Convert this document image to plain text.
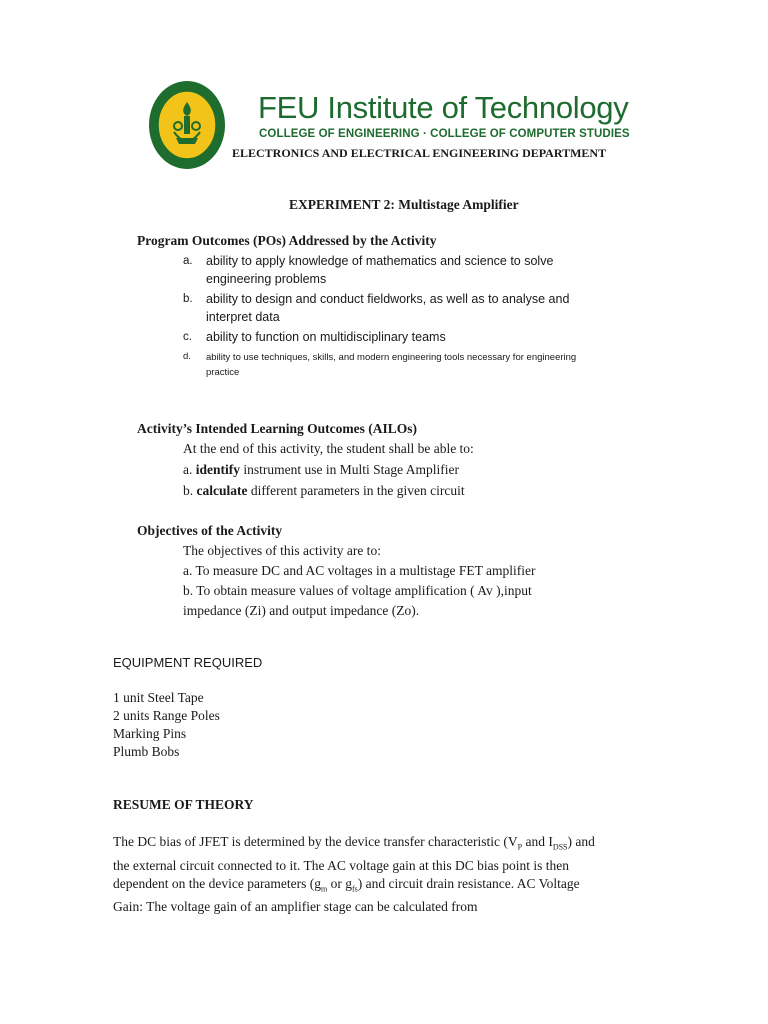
FEU Institute of Technology
COLLEGE OF ENGINEERING · COLLEGE OF COMPUTER STUDIES
ELECTRONICS AND ELECTRICAL ENGINEERING DEPARTMENT
EXPERIMENT 2: Multistage Amplifier
Program Outcomes (POs) Addressed by the Activity
a. ability to apply knowledge of mathematics and science to solve engineering problems
b. ability to design and conduct fieldworks, as well as to analyse and interpret data
c. ability to function on multidisciplinary teams
d. ability to use techniques, skills, and modern engineering tools necessary for engineering practice
Activity’s Intended Learning Outcomes (AILOs)
At the end of this activity, the student shall be able to:
a. identify instrument use in Multi Stage Amplifier
b. calculate different parameters in the given circuit
Objectives of the Activity
The objectives of this activity are to:
a. To measure DC and AC voltages in a multistage FET amplifier
b. To obtain measure values of voltage amplification ( Av ),input
impedance (Zi) and output impedance (Zo).
EQUIPMENT REQUIRED
1 unit Steel Tape
2 units Range Poles
Marking Pins
Plumb Bobs
RESUME OF THEORY
The DC bias of JFET is determined by the device transfer characteristic ($V_P$ and $I_{DSS}$) and
the external circuit connected to it. The AC voltage gain at this DC bias point is then
dependent on the device parameters ($g_m$ or $g_{fs}$) and circuit drain resistance. AC Voltage
Gain: The voltage gain of an amplifier stage can be calculated from
